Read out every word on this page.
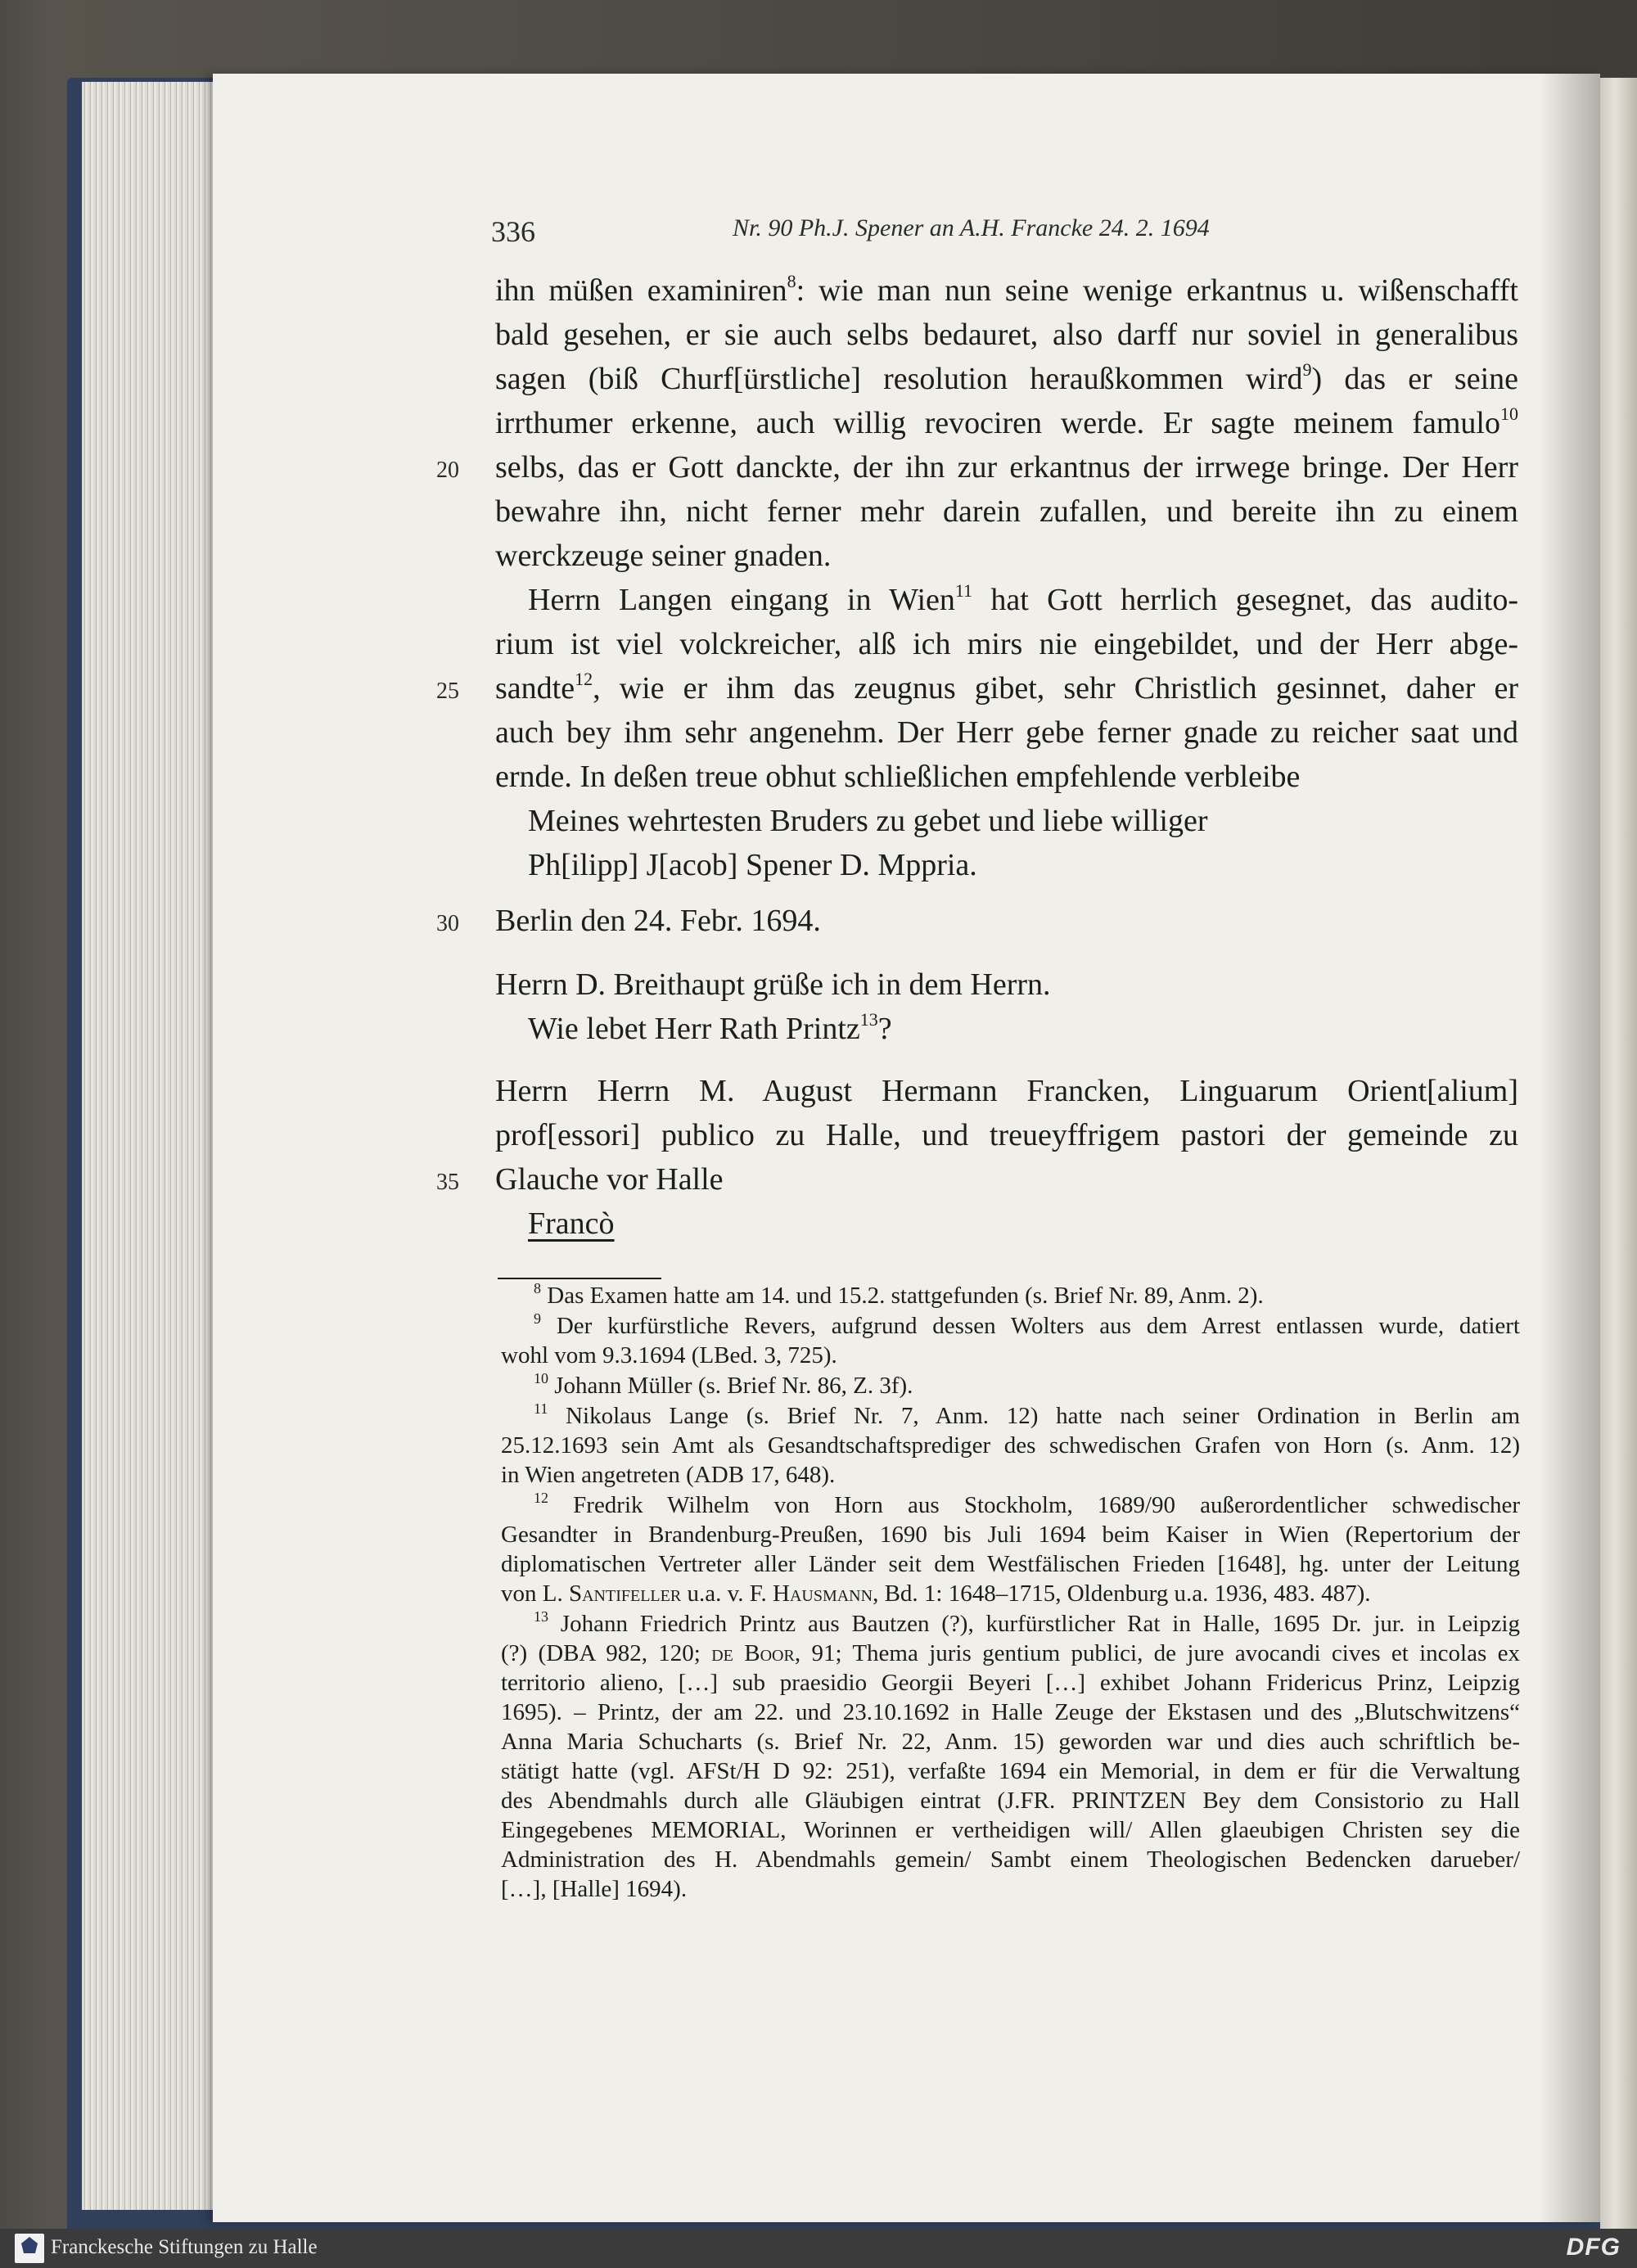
336	Nr. 90 Ph.J. Spener an A.H. Francke 24. 2. 1694
ihn müßen examiniren$^8$: wie man nun seine wenige erkantnus u. wißenschafft
bald gesehen, er sie auch selbs bedauret, also darff nur soviel in generalibus
sagen (biß Churf[ürstliche] resolution heraußkommen wird$^9$) das er seine
irrthumer erkenne, auch willig revociren werde. Er sagte meinem famulo$^{10}$
20 selbs, das er Gott danckte, der ihn zur erkantnus der irrwege bringe. Der Herr
bewahre ihn, nicht ferner mehr darein zufallen, und bereite ihn zu einem
werckzeuge seiner gnaden.
Herrn Langen eingang in Wien$^{11}$ hat Gott herrlich gesegnet, das audito-
rium ist viel volckreicher, alß ich mirs nie eingebildet, und der Herr abge-
25 sandte$^{12}$, wie er ihm das zeugnus gibet, sehr Christlich gesinnet, daher er
auch bey ihm sehr angenehm. Der Herr gebe ferner gnade zu reicher saat und
ernde. In deßen treue obhut schließlichen empfehlende verbleibe
Meines wehrtesten Bruders zu gebet und liebe williger
Ph[ilipp] J[acob] Spener D. Mppria.
30 Berlin den 24. Febr. 1694.
Herrn D. Breithaupt grüße ich in dem Herrn.
Wie lebet Herr Rath Printz$^{13}$?
Herrn Herrn M. August Hermann Francken, Linguarum Orient[alium]
prof[essori] publico zu Halle, und treueyffrigem pastori der gemeinde zu
35 Glauche vor Halle
Francò
$^8$ Das Examen hatte am 14. und 15.2. stattgefunden (s. Brief Nr. 89, Anm. 2).
$^9$ Der kurfürstliche Revers, aufgrund dessen Wolters aus dem Arrest entlassen wurde, datiert
wohl vom 9.3.1694 (LBed. 3, 725).
$^{10}$ Johann Müller (s. Brief Nr. 86, Z. 3f).
$^{11}$ Nikolaus Lange (s. Brief Nr. 7, Anm. 12) hatte nach seiner Ordination in Berlin am
25.12.1693 sein Amt als Gesandtschaftsprediger des schwedischen Grafen von Horn (s. Anm. 12)
in Wien angetreten (ADB 17, 648).
$^{12}$ Fredrik Wilhelm von Horn aus Stockholm, 1689/90 außerordentlicher schwedischer
Gesandter in Brandenburg-Preußen, 1690 bis Juli 1694 beim Kaiser in Wien (Repertorium der
diplomatischen Vertreter aller Länder seit dem Westfälischen Frieden [1648], hg. unter der Leitung
von L. Santifeller u.a. v. F. Hausmann, Bd. 1: 1648–1715, Oldenburg u.a. 1936, 483. 487).
$^{13}$ Johann Friedrich Printz aus Bautzen (?), kurfürstlicher Rat in Halle, 1695 Dr. jur. in Leipzig
(?) (DBA 982, 120; de Boor, 91; Thema juris gentium publici, de jure avocandi cives et incolas ex
territorio alieno, […] sub praesidio Georgii Beyeri […] exhibet Johann Fridericus Prinz, Leipzig
1695). – Printz, der am 22. und 23.10.1692 in Halle Zeuge der Ekstasen und des „Blutschwitzens“
Anna Maria Schucharts (s. Brief Nr. 22, Anm. 15) geworden war und dies auch schriftlich be-
stätigt hatte (vgl. AFSt/H D 92: 251), verfaßte 1694 ein Memorial, in dem er für die Verwaltung
des Abendmahls durch alle Gläubigen eintrat (J.FR. PRINTZEN Bey dem Consistorio zu Hall
Eingegebenes MEMORIAL, Worinnen er vertheidigen will/ Allen glaeubigen Christen sey die
Administration des H. Abendmahls gemein/ Sambt einem Theologischen Bedencken darueber/
[…], [Halle] 1694).
Franckesche Stiftungen zu Halle	DFG
